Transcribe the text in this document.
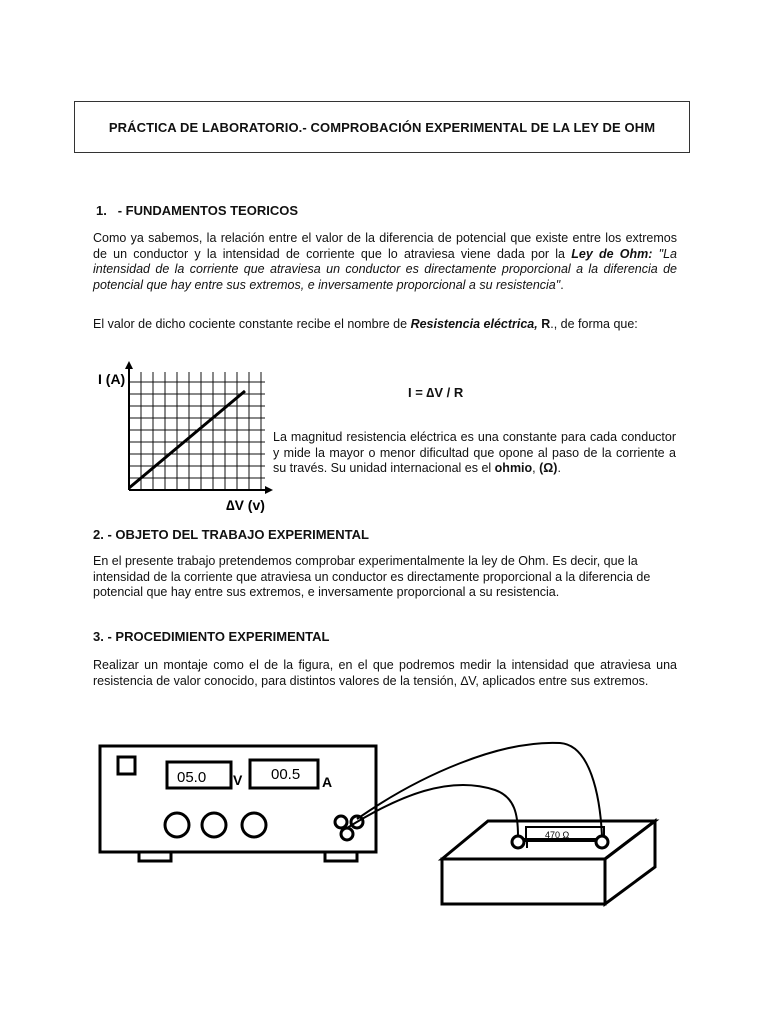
PRÁCTICA DE LABORATORIO.- COMPROBACIÓN EXPERIMENTAL DE LA LEY DE OHM
1. - FUNDAMENTOS TEORICOS

Como ya sabemos, la relación entre el valor de la diferencia de potencial que existe entre los extremos de un conductor y la intensidad de corriente que lo atraviesa viene dada por la Ley de Ohm: "La intensidad de la corriente que atraviesa un conductor es directamente proporcional a la diferencia de potencial que hay entre sus extremos, e inversamente proporcional a su resistencia".

El valor de dicho cociente constante recibe el nombre de Resistencia eléctrica, R., de forma que:

I (A)
∆V (v)
I = ∆V / R

La magnitud resistencia eléctrica es una constante para cada conductor y mide la mayor o menor dificultad que opone al paso de la corriente a su través. Su unidad internacional es el ohmio, (Ω).

2. - OBJETO DEL TRABAJO EXPERIMENTAL

En el presente trabajo pretendemos comprobar experimentalmente la ley de Ohm. Es decir, que la intensidad de la corriente que atraviesa un conductor es directamente proporcional a la diferencia de potencial que hay entre sus extremos, e inversamente proporcional a su resistencia.

3. - PROCEDIMIENTO EXPERIMENTAL

Realizar un montaje como el de la figura, en el que podremos medir la intensidad que atraviesa una resistencia de valor conocido, para distintos valores de la tensión, ∆V, aplicados entre sus extremos.

05.0 V 00.5 A
470 Ω
